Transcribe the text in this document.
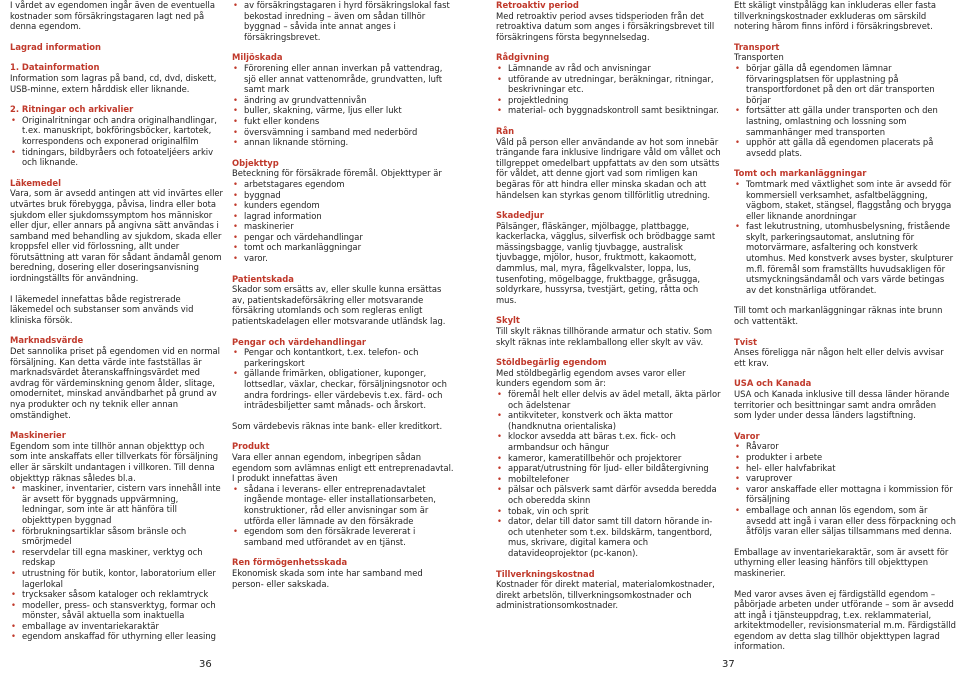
I vårdet av egendomen ingår även de eventuella kostnader som försäkringstagaren lagt ned på denna egendom.

Lagrad information

1. Datainformation

Information som lagras på band, cd, dvd, diskett, USB-minne, extern hårddisk eller liknande.

2. Ritningar och arkivalier

• Originalritningar och andra originalhandlingar, t.ex. manuskript, bokföringsböcker, kartotek, korrespondens och exponerad originalfilm
• tidningars, bildbyråers och fotoateljéers arkiv och liknande.

Läkemedel

Vara, som är avsedd antingen att vid invärtes eller utvärtes bruk förebygga, påvisa, lindra eller bota sjukdom eller sjukdomssymptom hos människor eller djur, eller annars på angivna sätt användas i samband med behandling av sjukdom, skada eller kroppsfel eller vid förlossning, allt under förutsättning att varan för sådant ändamål genom beredning, dosering eller doseringsanvisning iordningställts för användning.

I läkemedel innefattas både registrerade läkemedel och substanser som används vid kliniska försök.

Marknadsvärde

Det sannolika priset på egendomen vid en normal försäljning. Kan detta värde inte fastställas är marknadsvärdet återanskaffningsvärdet med avdrag för värdeminskning genom ålder, slitage, omodernitet, minskad användbarhet på grund av nya produkter och ny teknik eller annan omständighet.

Maskinerier

Egendom som inte tillhör annan objekttyp och som inte anskaffats eller tillverkats för försäljning eller är särskilt undantagen i villkoren. Till denna objekttyp räknas således bl.a.

• maskiner, inventarier, cistern vars innehåll inte är avsett för byggnads uppvärmning, ledningar, som inte är att hänföra till objekttypen byggnad
• förbrukningsartiklar såsom bränsle och smörjmedel
• reservdelar till egna maskiner, verktyg och redskap
• utrustning för butik, kontor, laboratorium eller lagerlokal
• trycksaker såsom kataloger och reklamtryck
• modeller, press- och stansverktyg, formar och mönster, såväl aktuella som inaktuella
• emballage av inventariekaraktär
• egendom anskaffad för uthyrning eller leasing
• av försäkringstagaren i hyrd försäkringslokal fast bekostad inredning – även om sådan tillhör byggnad – såvida inte annat anges i försäkringsbrevet.

Miljöskada

• Förorening eller annan inverkan på vattendrag, sjö eller annat vattenområde, grundvatten, luft samt mark
• ändring av grundvattennivån
• buller, skakning, värme, ljus eller lukt
• fukt eller kondens
• översvämning i samband med nederbörd
• annan liknande störning.

Objekttyp

Beteckning för försäkrade föremål. Objekttyper är

• arbetstagares egendom
• byggnad
• kunders egendom
• lagrad information
• maskinerier
• pengar och värdehandlingar
• tomt och markanläggningar
• varor.

Patientskada

Skador som ersätts av, eller skulle kunna ersättas av, patientskadeförsäkring eller motsvarande försäkring utomlands och som regleras enligt patientskadelagen eller motsvarande utländsk lag.

Pengar och värdehandlingar

• Pengar och kontantkort, t.ex. telefon- och parkeringskort
• gällande frimärken, obligationer, kuponger, lottsedlar, växlar, checkar, försäljningsnotor och andra fordrings- eller värdebevis t.ex. färd- och inträdesbiljetter samt månads- och årskort.

Som värdebevis räknas inte bank- eller kreditkort.

Produkt

Vara eller annan egendom, inbegripen sådan egendom som avlämnas enligt ett entreprenadavtal. I produkt innefattas även

• sådana i leverans- eller entreprenadavtalet ingående montage- eller installationsarbeten, konstruktioner, råd eller anvisningar som är utförda eller lämnade av den försäkrade
• egendom som den försäkrade levererat i samband med utförandet av en tjänst.

Ren förmögenhetsskada

Ekonomisk skada som inte har samband med person- eller sakskada.

Retroaktiv period

Med retroaktiv period avses tidsperioden från det retroaktiva datum som anges i försäkringsbrevet till försäkringens första begynnelsedag.

Rådgivning

• Lämnande av råd och anvisningar
• utförande av utredningar, beräkningar, ritningar, beskrivningar etc.
• projektledning
• material- och byggnadskontroll samt besiktningar.

Rån

Våld på person eller användande av hot som innebär trängande fara inklusive lindrigare våld om vållet och tillgreppet omedelbart uppfattats av den som utsätts för våldet, att denne gjort vad som rimligen kan begäras för att hindra eller minska skadan och att händelsen kan styrkas genom tillförlitlig utredning.

Skadedjur

Pälsänger, fläskänger, mjölbagge, plattbagge, kackerlacka, vägglus, silverfisk och brödbagge samt mässingsbagge, vanlig tjuvbagge, australisk tjuvbagge, mjölor, husor, fruktmott, kakaomott, dammlus, mal, myra, fågelkvalster, loppa, lus, tusenfoting, mögelbagge, fruktbagge, gråsugga, soldyrkare, hussyrsa, tvestjärt, geting, råtta och mus.

Skylt

Till skylt räknas tillhörande armatur och stativ. Som skylt räknas inte reklamballong eller skylt av väv.

Stöldbegärlig egendom

Med stöldbegärlig egendom avses varor eller kunders egendom som är:

• föremål helt eller delvis av ädel metall, äkta pärlor och ädelstenar
• antikviteter, konstverk och äkta mattor (handknutna orientaliska)
• klockor avsedda att bäras t.ex. fick- och armbandsur och hängur
• kameror, kameratillbehör och projektorer
• apparat/utrustning för ljud- eller bildåtergivning
• mobiltelefoner
• pälsar och pälsverk samt därför avsedda beredda och oberedda skinn
• tobak, vin och sprit
• dator, delar till dator samt till datorn hörande in- och utenheter som t.ex. bildskärm, tangentbord, mus, skrivare, digital kamera och datavideoprojektor (pc-kanon).

Tillverkningskostnad

Kostnader för direkt material, materialomkostnader, direkt arbetslön, tillverkningsomkostnader och administrationsomkostnader.

Ett skäligt vinstpålägg kan inkluderas eller fasta tillverkningskostnader exkluderas om särskild notering härom finns införd i försäkringsbrevet.

Transport

Transporten

• börjar gälla då egendomen lämnar förvaringsplatsen för upplastning på transportfordonet på den ort där transporten börjar
• fortsätter att gälla under transporten och den lastning, omlastning och lossning som sammanhänger med transporten
• upphör att gälla då egendomen placerats på avsedd plats.

Tomt och markanläggningar

• Tomtmark med växtlighet som inte är avsedd för kommersiell verksamhet, asfaltbeläggning, vägbom, staket, stängsel, flaggstång och brygga eller liknande anordningar
• fast lekutrustning, utomhusbelysning, fristående skylt, parkeringsautomat, anslutning för motorvärmare, asfaltering och konstverk utomhus. Med konstverk avses byster, skulpturer m.fl. föremål som framställts huvudsakligen för utsmyckningsändamål och vars värde betingas av det konstnärliga utförandet.

Till tomt och markanläggningar räknas inte brunn och vattentäkt.

Tvist

Anses föreligga när någon helt eller delvis avvisar ett krav.

USA och Kanada

USA och Kanada inklusive till dessa länder hörande territorier och besittningar samt andra områden som lyder under dessa länders lagstiftning.

Varor

• Råvaror
• produkter i arbete
• hel- eller halvfabrikat
• varuprover
• varor anskaffade eller mottagna i kommission för försäljning
• emballage och annan lös egendom, som är avsedd att ingå i varan eller dess förpackning och åtföljs varan eller säljas tillsammans med denna.

Emballage av inventariekaraktär, som är avsett för uthyrning eller leasing hänförs till objekttypen maskinerier.

Med varor avses även ej färdigställd egendom – påbörjade arbeten under utförande – som är avsedd att ingå i tjänsteuppdrag, t.ex. reklammaterial, arkitektmodeller, revisionsmaterial m.m. Färdigställd egendom av detta slag tillhör objekttypen lagrad information.

36	37
